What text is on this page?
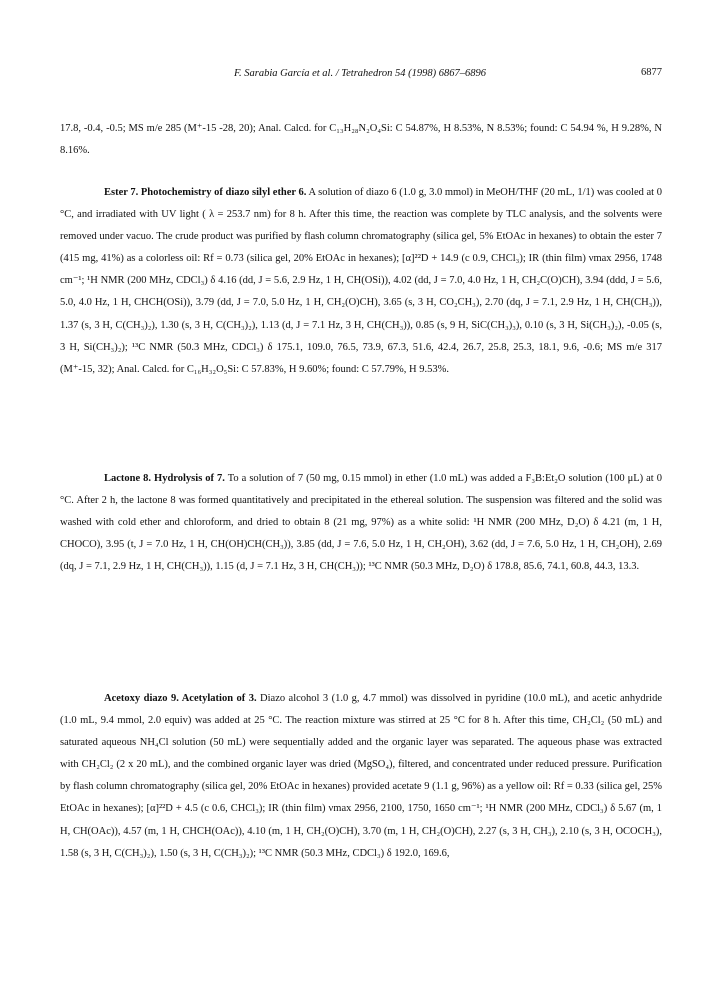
F. Sarabia García et al. / Tetrahedron 54 (1998) 6867–6896	6877

17.8, -0.4, -0.5; MS m/e 285 (M⁺-15 -28, 20); Anal. Calcd. for C₁₃H₂₈N₂O₄Si: C 54.87%, H 8.53%, N 8.53%; found: C 54.94 %, H 9.28%, N 8.16%.

Ester 7. Photochemistry of diazo silyl ether 6. A solution of diazo 6 (1.0 g, 3.0 mmol) in MeOH/THF (20 mL, 1/1) was cooled at 0 °C, and irradiated with UV light ( λ = 253.7 nm) for 8 h. After this time, the reaction was complete by TLC analysis, and the solvents were removed under vacuo. The crude product was purified by flash column chromatography (silica gel, 5% EtOAc in hexanes) to obtain the ester 7 (415 mg, 41%) as a colorless oil: Rf = 0.73 (silica gel, 20% EtOAc in hexanes); [α]²²D + 14.9 (c 0.9, CHCl₃); IR (thin film) νmax 2956, 1748 cm⁻¹; ¹H NMR (200 MHz, CDCl₃) δ 4.16 (dd, J = 5.6, 2.9 Hz, 1 H, CH(OSi)), 4.02 (dd, J = 7.0, 4.0 Hz, 1 H, CH₂C(O)CH), 3.94 (ddd, J = 5.6, 5.0, 4.0 Hz, 1 H, CHCH(OSi)), 3.79 (dd, J = 7.0, 5.0 Hz, 1 H, CH₂(O)CH), 3.65 (s, 3 H, CO₂CH₃), 2.70 (dq, J = 7.1, 2.9 Hz, 1 H, CH(CH₃)), 1.37 (s, 3 H, C(CH₃)₂), 1.30 (s, 3 H, C(CH₃)₂), 1.13 (d, J = 7.1 Hz, 3 H, CH(CH₃)), 0.85 (s, 9 H, SiC(CH₃)₃), 0.10 (s, 3 H, Si(CH₃)₂), -0.05 (s, 3 H, Si(CH₃)₂); ¹³C NMR (50.3 MHz, CDCl₃) δ 175.1, 109.0, 76.5, 73.9, 67.3, 51.6, 42.4, 26.7, 25.8, 25.3, 18.1, 9.6, -0.6; MS m/e 317 (M⁺-15, 32); Anal. Calcd. for C₁₆H₃₂O₅Si: C 57.83%, H 9.60%; found: C 57.79%, H 9.53%.

Lactone 8. Hydrolysis of 7. To a solution of 7 (50 mg, 0.15 mmol) in ether (1.0 mL) was added a F₃B:Et₂O solution (100 μL) at 0 °C. After 2 h, the lactone 8 was formed quantitatively and precipitated in the ethereal solution. The suspension was filtered and the solid was washed with cold ether and chloroform, and dried to obtain 8 (21 mg, 97%) as a white solid: ¹H NMR (200 MHz, D₂O) δ 4.21 (m, 1 H, CHOCO), 3.95 (t, J = 7.0 Hz, 1 H, CH(OH)CH(CH₃)), 3.85 (dd, J = 7.6, 5.0 Hz, 1 H, CH₂OH), 3.62 (dd, J = 7.6, 5.0 Hz, 1 H, CH₂OH), 2.69 (dq, J = 7.1, 2.9 Hz, 1 H, CH(CH₃)), 1.15 (d, J = 7.1 Hz, 3 H, CH(CH₃)); ¹³C NMR (50.3 MHz, D₂O) δ 178.8, 85.6, 74.1, 60.8, 44.3, 13.3.

Acetoxy diazo 9. Acetylation of 3. Diazo alcohol 3 (1.0 g, 4.7 mmol) was dissolved in pyridine (10.0 mL), and acetic anhydride (1.0 mL, 9.4 mmol, 2.0 equiv) was added at 25 °C. The reaction mixture was stirred at 25 °C for 8 h. After this time, CH₂Cl₂ (50 mL) and saturated aqueous NH₄Cl solution (50 mL) were sequentially added and the organic layer was separated. The aqueous phase was extracted with CH₂Cl₂ (2 x 20 mL), and the combined organic layer was dried (MgSO₄), filtered, and concentrated under reduced pressure. Purification by flash column chromatography (silica gel, 20% EtOAc in hexanes) provided acetate 9 (1.1 g, 96%) as a yellow oil: Rf = 0.33 (silica gel, 25% EtOAc in hexanes); [α]²²D + 4.5 (c 0.6, CHCl₃); IR (thin film) νmax 2956, 2100, 1750, 1650 cm⁻¹; ¹H NMR (200 MHz, CDCl₃) δ 5.67 (m, 1 H, CH(OAc)), 4.57 (m, 1 H, CHCH(OAc)), 4.10 (m, 1 H, CH₂(O)CH), 3.70 (m, 1 H, CH₂(O)CH), 2.27 (s, 3 H, CH₃), 2.10 (s, 3 H, OCOCH₃), 1.58 (s, 3 H, C(CH₃)₂), 1.50 (s, 3 H, C(CH₃)₂); ¹³C NMR (50.3 MHz, CDCl₃) δ 192.0, 169.6,
